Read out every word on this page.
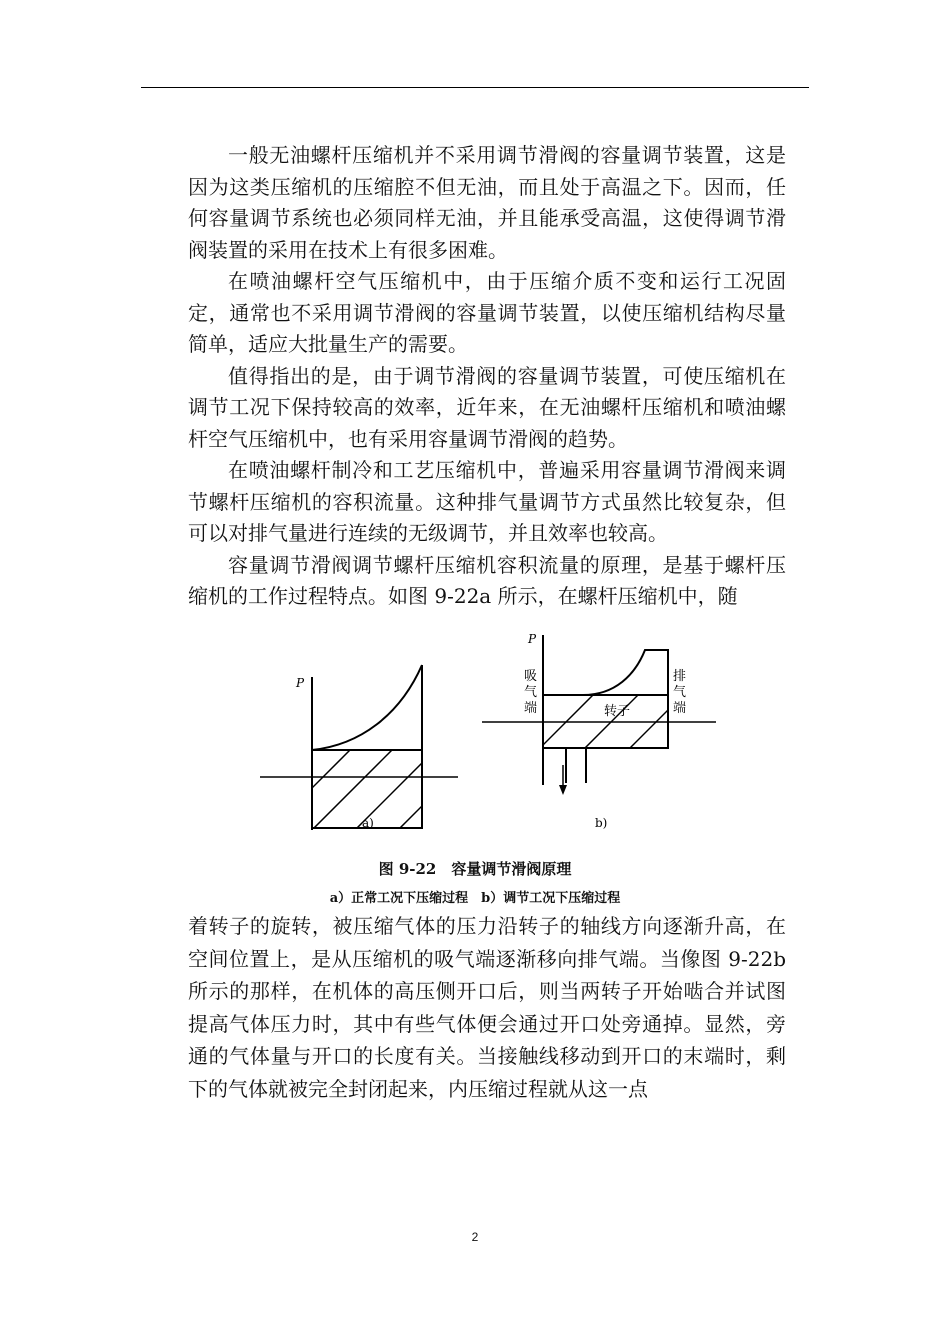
一般无油螺杆压缩机并不采用调节滑阀的容量调节装置，这是因为这类压缩机的压缩腔不但无油，而且处于高温之下。因而，任何容量调节系统也必须同样无油，并且能承受高温，这使得调节滑阀装置的采用在技术上有很多困难。

在喷油螺杆空气压缩机中，由于压缩介质不变和运行工况固定，通常也不采用调节滑阀的容量调节装置，以使压缩机结构尽量简单，适应大批量生产的需要。

值得指出的是，由于调节滑阀的容量调节装置，可使压缩机在调节工况下保持较高的效率，近年来，在无油螺杆压缩机和喷油螺杆空气压缩机中，也有采用容量调节滑阀的趋势。

在喷油螺杆制冷和工艺压缩机中，普遍采用容量调节滑阀来调节螺杆压缩机的容积流量。这种排气量调节方式虽然比较复杂，但可以对排气量进行连续的无级调节，并且效率也较高。

容量调节滑阀调节螺杆压缩机容积流量的原理，是基于螺杆压缩机的工作过程特点。如图 9-22a 所示，在螺杆压缩机中，随

P
P
转子
吸 气 端
排 气 端
a)	b)
图 9-22　容量调节滑阀原理
a）正常工况下压缩过程　b）调节工况下压缩过程

着转子的旋转，被压缩气体的压力沿转子的轴线方向逐渐升高，在空间位置上，是从压缩机的吸气端逐渐移向排气端。当像图 9-22b 所示的那样，在机体的高压侧开口后，则当两转子开始啮合并试图提高气体压力时，其中有些气体便会通过开口处旁通掉。显然，旁通的气体量与开口的长度有关。当接触线移动到开口的末端时，剩下的气体就被完全封闭起来，内压缩过程就从这一点

2
